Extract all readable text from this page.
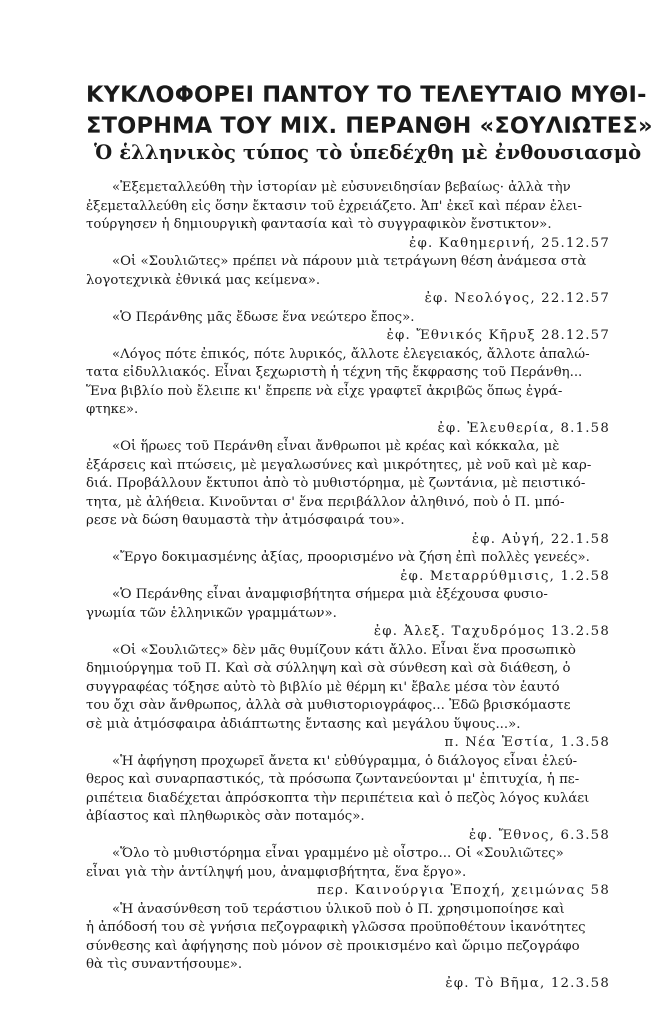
ΚΥΚΛΟΦΟΡΕΙ ΠΑΝΤΟΥ ΤΟ ΤΕΛΕΥΤΑΙΟ ΜΥΘΙ-
ΣΤΟΡΗΜΑ ΤΟΥ ΜΙΧ. ΠΕΡΑΝΘΗ «ΣΟΥΛΙΩΤΕΣ»
Ὁ ἑλληνικὸς τύπος τὸ ὑπεδέχθη μὲ ἐνθουσιασμὸ
«Ἐξεμεταλλεύθη τὴν ἱστορίαν μὲ εὐσυνειδησίαν βεβαίως· ἀλλὰ τὴν
ἐξεμεταλλεύθη εἰς ὅσην ἔκτασιν τοῦ ἐχρειάζετο. Ἀπ' ἐκεῖ καὶ πέραν ἐλει-
τούργησεν ἡ δημιουργικὴ φαντασία καὶ τὸ συγγραφικὸν ἔνστικτον».
ἐφ. Καθημερινή, 25.12.57
«Οἱ «Σουλιῶτες» πρέπει νὰ πάρουν μιὰ τετράγωνη θέση ἀνάμεσα στὰ
λογοτεχνικὰ ἐθνικά μας κείμενα».
ἐφ. Νεολόγος, 22.12.57
«Ὁ Περάνθης μᾶς ἔδωσε ἕνα νεώτερο ἔπος».
ἐφ. Ἔθνικός Κῆρυξ 28.12.57
«Λόγος πότε ἐπικός, πότε λυρικός, ἄλλοτε ἐλεγειακός, ἄλλοτε ἁπαλώ-
τατα εἰδυλλιακός. Εἶναι ξεχωριστὴ ἡ τέχνη τῆς ἔκφρασης τοῦ Περάνθη...
Ἕνα βιβλίο ποὺ ἔλειπε κι' ἔπρεπε νὰ εἶχε γραφτεῖ ἀκριβῶς ὅπως ἐγρά-
φτηκε».
ἐφ. Ἐλευθερία, 8.1.58
«Οἱ ἥρωες τοῦ Περάνθη εἶναι ἄνθρωποι μὲ κρέας καὶ κόκκαλα, μὲ
ἐξάρσεις καὶ πτώσεις, μὲ μεγαλωσύνες καὶ μικρότητες, μὲ νοῦ καὶ μὲ καρ-
διά. Προβάλλουν ἔκτυποι ἀπὸ τὸ μυθιστόρημα, μὲ ζωντάνια, μὲ πειστικό-
τητα, μὲ ἀλήθεια. Κινοῦνται σ' ἕνα περιβάλλον ἀληθινό, ποὺ ὁ Π. μπό-
ρεσε νὰ δώση θαυμαστὰ τὴν ἀτμόσφαιρά του».
ἐφ. Αὐγή, 22.1.58
«Ἔργο δοκιμασμένης ἀξίας, προορισμένο νὰ ζήση ἐπὶ πολλὲς γενεές».
ἐφ. Μεταρρύθμισις, 1.2.58
«Ὁ Περάνθης εἶναι ἀναμφισβήτητα σήμερα μιὰ ἐξέχουσα φυσιο-
γνωμία τῶν ἑλληνικῶν γραμμάτων».
ἐφ. Ἀλεξ. Ταχυδρόμος 13.2.58
«Οἱ «Σουλιῶτες» δὲν μᾶς θυμίζουν κάτι ἄλλο. Εἶναι ἕνα προσωπικὸ
δημιούργημα τοῦ Π. Καὶ σὰ σύλληψη καὶ σὰ σύνθεση καὶ σὰ διάθεση, ὁ
συγγραφέας τόξησε αὐτὸ τὸ βιβλίο μὲ θέρμη κι' ἔβαλε μέσα τὸν ἑαυτό
του ὄχι σὰν ἄνθρωπος, ἀλλὰ σὰ μυθιστοριογράφος... Ἐδῶ βρισκόμαστε
σὲ μιὰ ἀτμόσφαιρα ἀδιάπτωτης ἔντασης καὶ μεγάλου ὕψους...».
π. Νέα Ἑστία, 1.3.58
«Ἡ ἀφήγηση προχωρεῖ ἄνετα κι' εὐθύγραμμα, ὁ διάλογος εἶναι ἐλεύ-
θερος καὶ συναρπαστικός, τὰ πρόσωπα ζωντανεύονται μ' ἐπιτυχία, ἡ πε-
ριπέτεια διαδέχεται ἀπρόσκοπτα τὴν περιπέτεια καὶ ὁ πεζὸς λόγος κυλάει
ἀβίαστος καὶ πληθωρικὸς σὰν ποταμός».
ἐφ. Ἔθνος, 6.3.58
«Ὅλο τὸ μυθιστόρημα εἶναι γραμμένο μὲ οἶστρο... Οἱ «Σουλιῶτες»
εἶναι γιὰ τὴν ἀντίληψή μου, ἀναμφισβήτητα, ἕνα ἔργο».
περ. Καινούργια Ἐποχή, χειμώνας 58
«Ἡ ἀνασύνθεση τοῦ τεράστιου ὑλικοῦ ποὺ ὁ Π. χρησιμοποίησε καὶ
ἡ ἀπόδοσή του σὲ γνήσια πεζογραφικὴ γλῶσσα προϋποθέτουν ἱκανότητες
σύνθεσης καὶ ἀφήγησης ποὺ μόνον σὲ προικισμένο καὶ ὥριμο πεζογράφο
θὰ τὶς συναντήσουμε».
ἐφ. Τὸ Βῆμα, 12.3.58
